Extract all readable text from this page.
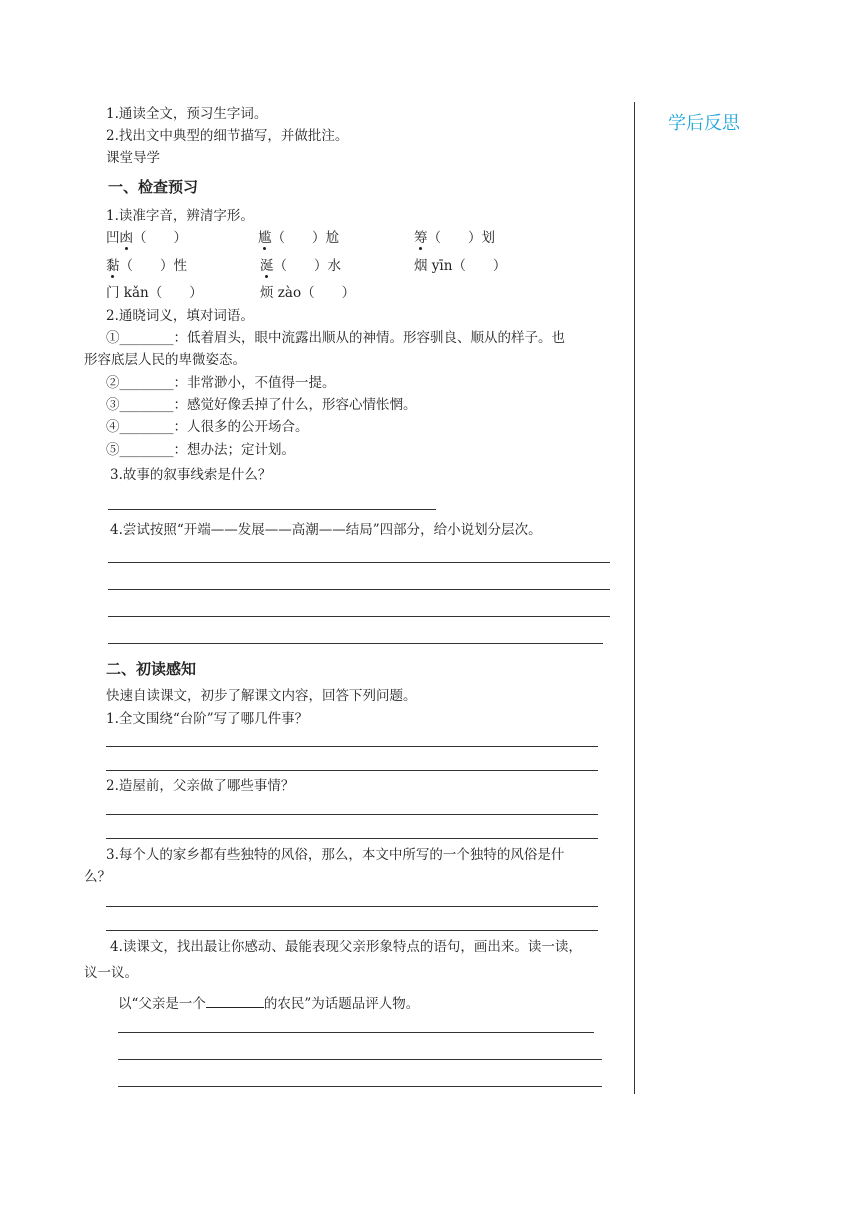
学后反思
1.通读全文，预习生字词。
2.找出文中典型的细节描写，并做批注。
课堂导学
一、检查预习
1.读准字音，辨清字形。
凹凼（　　）	尴（　　）尬	筹（　　）划
黏（　　）性	涎（　　）水	烟 yīn（　　）
门 kǎn（　　）	烦 zào（　　）
2.通晓词义，填对词语。
①________：低着眉头，眼中流露出顺从的神情。形容驯良、顺从的样子。也
形容底层人民的卑微姿态。
②________：非常渺小，不值得一提。
③________：感觉好像丢掉了什么，形容心情怅惘。
④________：人很多的公开场合。
⑤________：想办法；定计划。
3.故事的叙事线索是什么？
4.尝试按照“开端——发展——高潮——结局”四部分，给小说划分层次。
二、初读感知
快速自读课文，初步了解课文内容，回答下列问题。
1.全文围绕“台阶”写了哪几件事？
2.造屋前，父亲做了哪些事情？
3.每个人的家乡都有些独特的风俗，那么，本文中所写的一个独特的风俗是什
么？
4.读课文，找出最让你感动、最能表现父亲形象特点的语句，画出来。读一读，
议一议。
以“父亲是一个	的农民”为话题品评人物。
